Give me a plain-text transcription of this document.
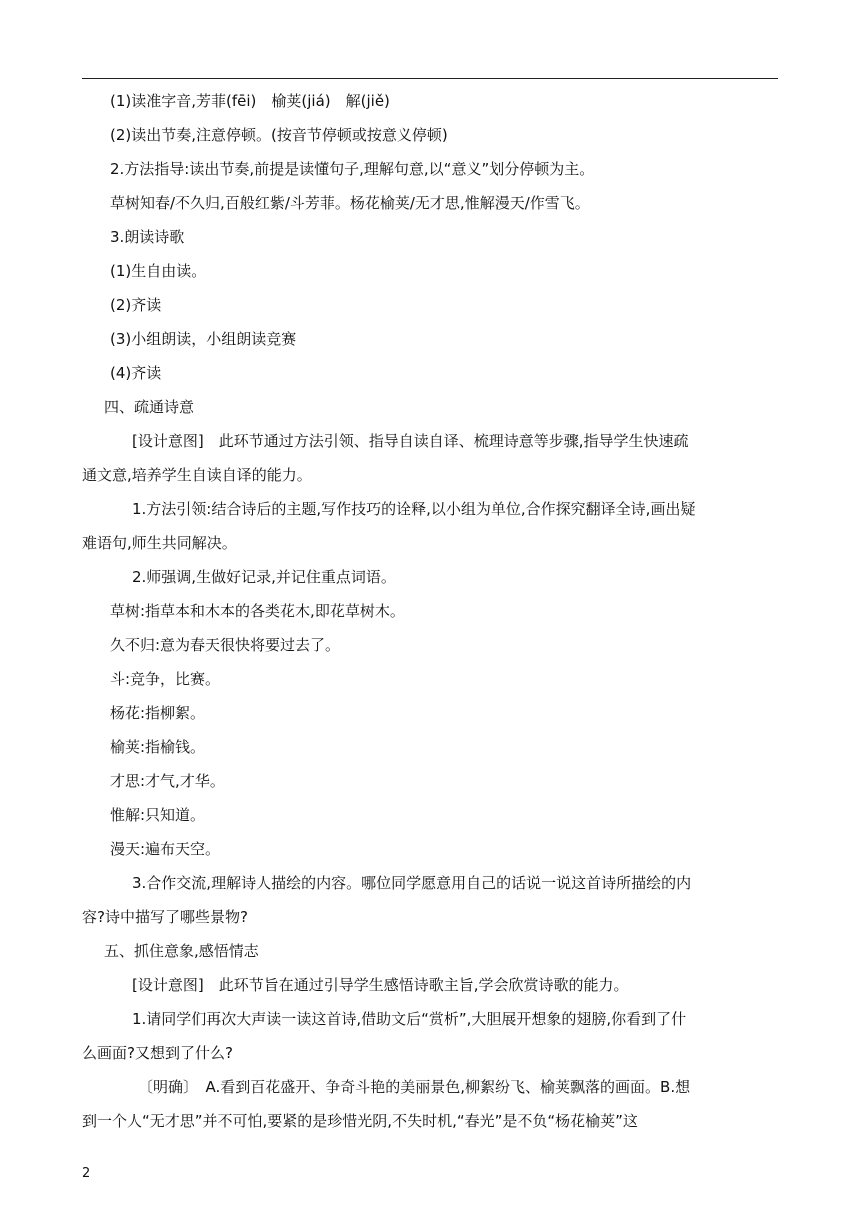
(1)读准字音,芳菲(fēi)　榆荚(jiá)　解(jiě)
(2)读出节奏,注意停顿。(按音节停顿或按意义停顿)
2.方法指导:读出节奏,前提是读懂句子,理解句意,以“意义”划分停顿为主。
草树知春/不久归,百般红紫/斗芳菲。杨花榆荚/无才思,惟解漫天/作雪飞。
3.朗读诗歌
(1)生自由读。
(2)齐读
(3)小组朗读，小组朗读竞赛
(4)齐读
四、疏通诗意
[设计意图]　此环节通过方法引领、指导自读自译、梳理诗意等步骤,指导学生快速疏
通文意,培养学生自读自译的能力。
1.方法引领:结合诗后的主题,写作技巧的诠释,以小组为单位,合作探究翻译全诗,画出疑
难语句,师生共同解决。
2.师强调,生做好记录,并记住重点词语。
草树:指草本和木本的各类花木,即花草树木。
久不归:意为春天很快将要过去了。
斗:竞争，比赛。
杨花:指柳絮。
榆荚:指榆钱。
才思:才气,才华。
惟解:只知道。
漫天:遍布天空。
3.合作交流,理解诗人描绘的内容。哪位同学愿意用自己的话说一说这首诗所描绘的内
容?诗中描写了哪些景物?
五、抓住意象,感悟情志
[设计意图]　此环节旨在通过引导学生感悟诗歌主旨,学会欣赏诗歌的能力。
1.请同学们再次大声读一读这首诗,借助文后“赏析”,大胆展开想象的翅膀,你看到了什
么画面?又想到了什么?
〔明确〕　A.看到百花盛开、争奇斗艳的美丽景色,柳絮纷飞、榆荚飘落的画面。B.想
到一个人“无才思”并不可怕,要紧的是珍惜光阴,不失时机,“春光”是不负“杨花榆荚”这
2
